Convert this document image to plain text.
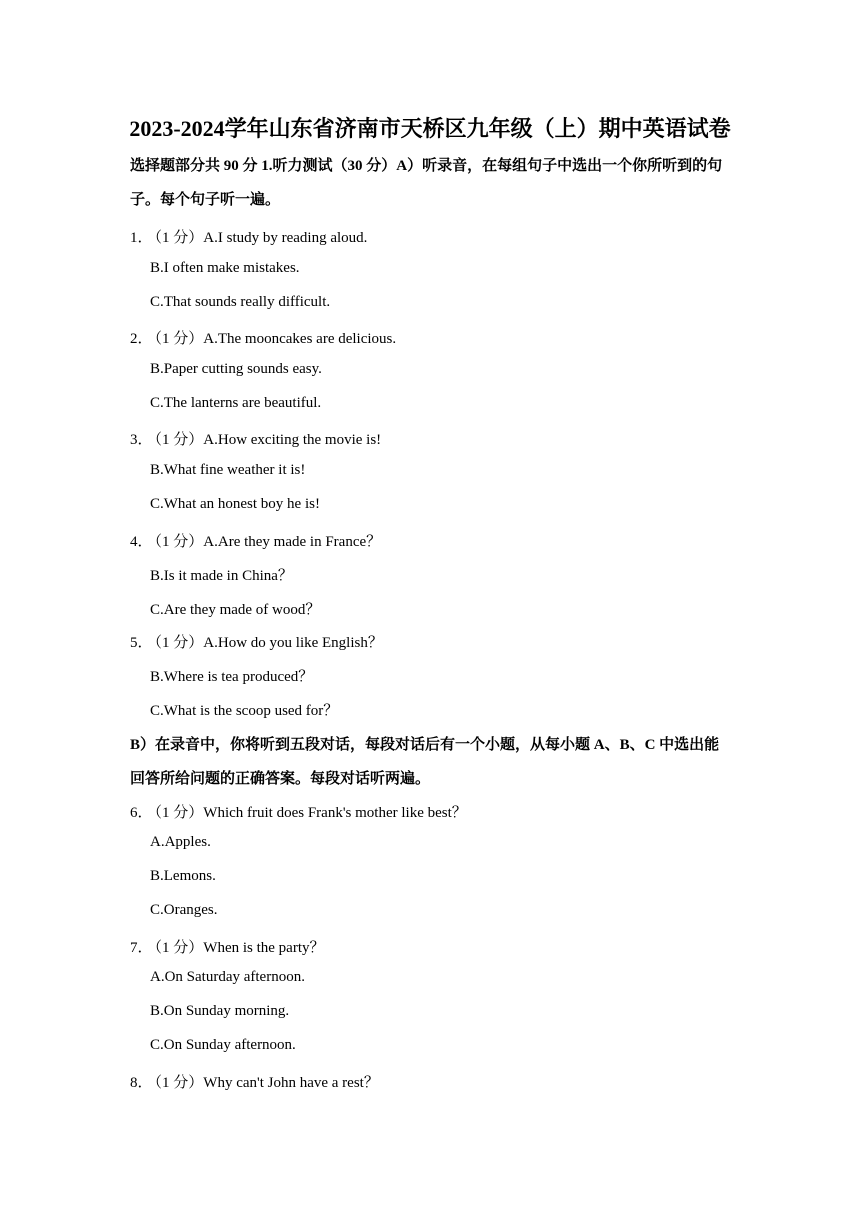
2023-2024学年山东省济南市天桥区九年级（上）期中英语试卷
选择题部分共 90 分 1.听力测试（30 分）A）听录音，在每组句子中选出一个你所听到的句
子。每个句子听一遍。
1． （1 分）A.I study by reading aloud.
B.I often make mistakes.
C.That sounds really difficult.
2． （1 分）A.The mooncakes are delicious.
B.Paper cutting sounds easy.
C.The lanterns are beautiful.
3． （1 分）A.How exciting the movie is!
B.What fine weather it is!
C.What an honest boy he is!
4． （1 分）A.Are they made in France？
B.Is it made in China？
C.Are they made of wood？
5． （1 分）A.How do you like English？
B.Where is tea produced？
C.What is the scoop used for？
B）在录音中，你将听到五段对话，每段对话后有一个小题，从每小题 A、B、C 中选出能
回答所给问题的正确答案。每段对话听两遍。
6． （1 分）Which fruit does Frank's mother like best？
A.Apples.
B.Lemons.
C.Oranges.
7． （1 分）When is the party？
A.On Saturday afternoon.
B.On Sunday morning.
C.On Sunday afternoon.
8． （1 分）Why can't John have a rest？
